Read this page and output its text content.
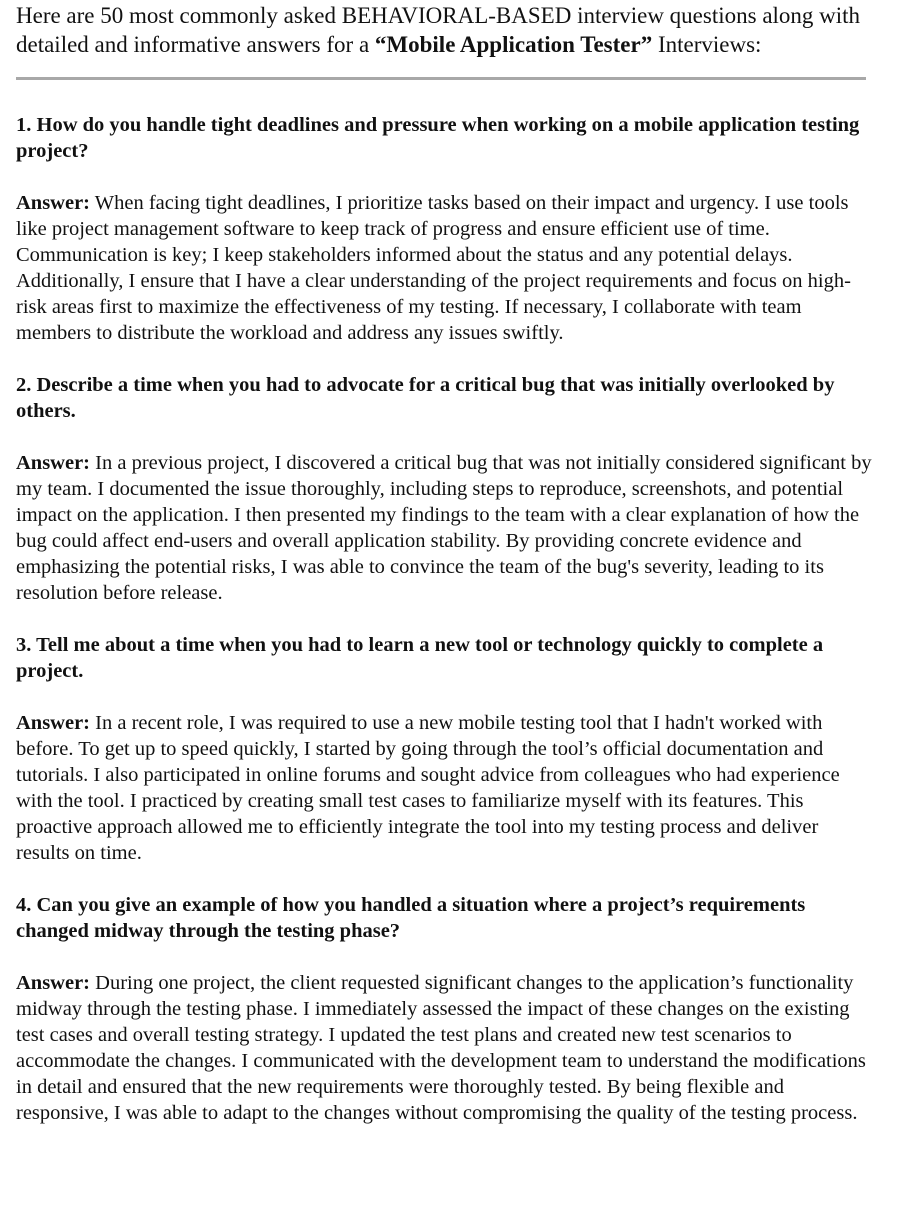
Here are 50 most commonly asked BEHAVIORAL-BASED interview questions along with detailed and informative answers for a “Mobile Application Tester” Interviews:

1. How do you handle tight deadlines and pressure when working on a mobile application testing project?

Answer: When facing tight deadlines, I prioritize tasks based on their impact and urgency. I use tools like project management software to keep track of progress and ensure efficient use of time. Communication is key; I keep stakeholders informed about the status and any potential delays. Additionally, I ensure that I have a clear understanding of the project requirements and focus on high-risk areas first to maximize the effectiveness of my testing. If necessary, I collaborate with team members to distribute the workload and address any issues swiftly.

2. Describe a time when you had to advocate for a critical bug that was initially overlooked by others.

Answer: In a previous project, I discovered a critical bug that was not initially considered significant by my team. I documented the issue thoroughly, including steps to reproduce, screenshots, and potential impact on the application. I then presented my findings to the team with a clear explanation of how the bug could affect end-users and overall application stability. By providing concrete evidence and emphasizing the potential risks, I was able to convince the team of the bug's severity, leading to its resolution before release.

3. Tell me about a time when you had to learn a new tool or technology quickly to complete a project.

Answer: In a recent role, I was required to use a new mobile testing tool that I hadn't worked with before. To get up to speed quickly, I started by going through the tool’s official documentation and tutorials. I also participated in online forums and sought advice from colleagues who had experience with the tool. I practiced by creating small test cases to familiarize myself with its features. This proactive approach allowed me to efficiently integrate the tool into my testing process and deliver results on time.

4. Can you give an example of how you handled a situation where a project’s requirements changed midway through the testing phase?

Answer: During one project, the client requested significant changes to the application’s functionality midway through the testing phase. I immediately assessed the impact of these changes on the existing test cases and overall testing strategy. I updated the test plans and created new test scenarios to accommodate the changes. I communicated with the development team to understand the modifications in detail and ensured that the new requirements were thoroughly tested. By being flexible and responsive, I was able to adapt to the changes without compromising the quality of the testing process.
